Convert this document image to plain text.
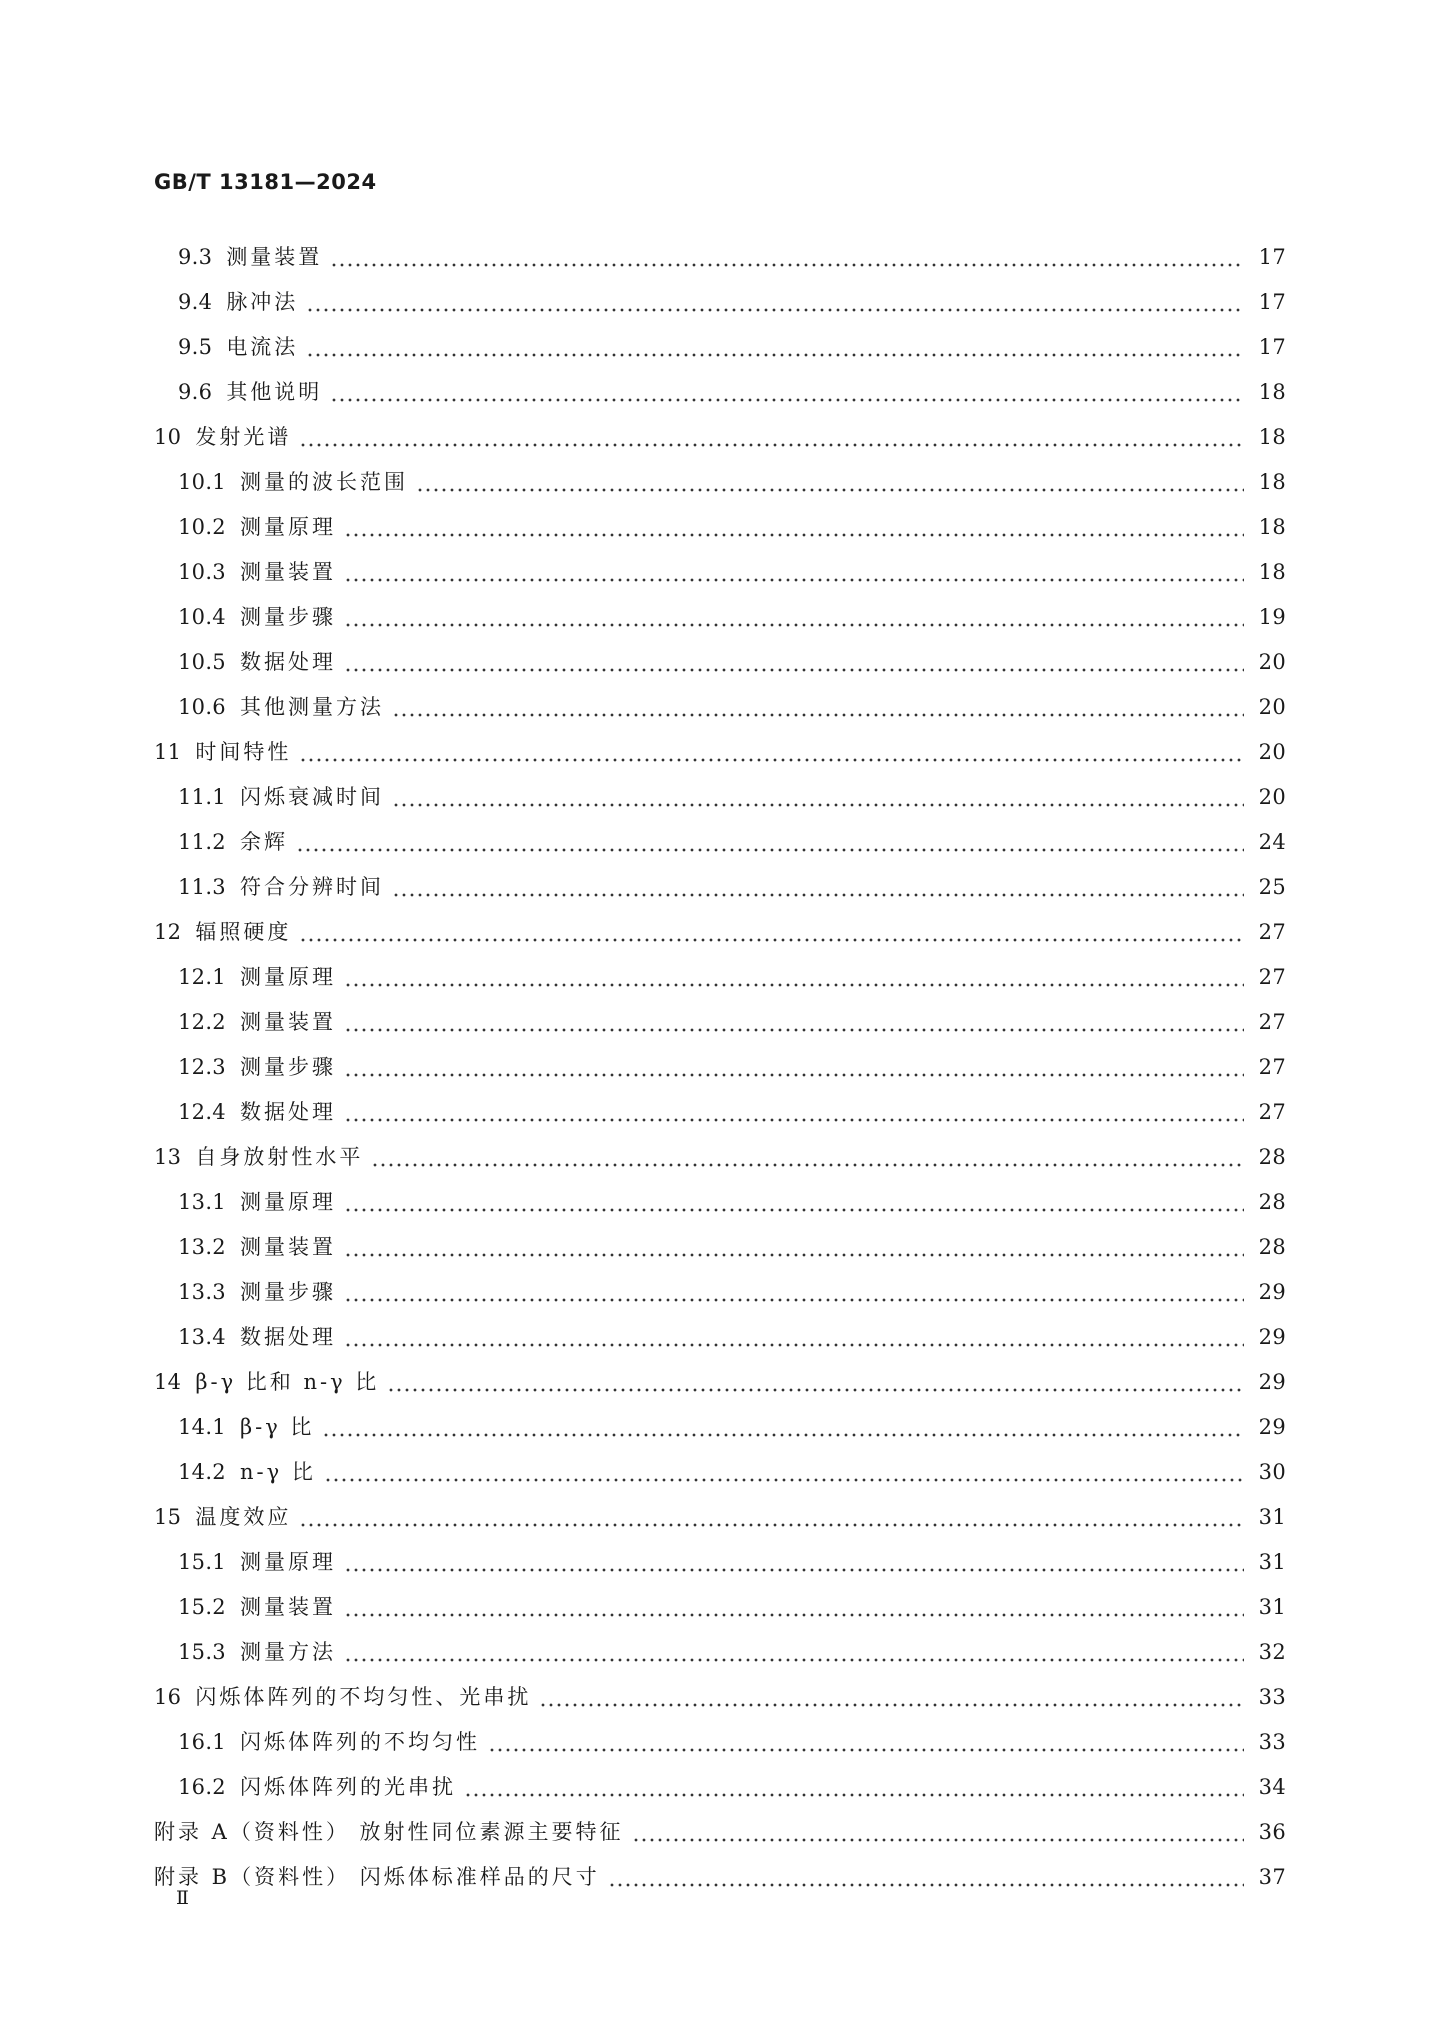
GB/T 13181—2024
9.3 测量装置	17
9.4 脉冲法	17
9.5 电流法	17
9.6 其他说明	18
10 发射光谱	18
10.1 测量的波长范围	18
10.2 测量原理	18
10.3 测量装置	18
10.4 测量步骤	19
10.5 数据处理	20
10.6 其他测量方法	20
11 时间特性	20
11.1 闪烁衰减时间	20
11.2 余辉	24
11.3 符合分辨时间	25
12 辐照硬度	27
12.1 测量原理	27
12.2 测量装置	27
12.3 测量步骤	27
12.4 数据处理	27
13 自身放射性水平	28
13.1 测量原理	28
13.2 测量装置	28
13.3 测量步骤	29
13.4 数据处理	29
14 β-γ 比和 n-γ 比	29
14.1 β-γ 比	29
14.2 n-γ 比	30
15 温度效应	31
15.1 测量原理	31
15.2 测量装置	31
15.3 测量方法	32
16 闪烁体阵列的不均匀性、光串扰	33
16.1 闪烁体阵列的不均匀性	33
16.2 闪烁体阵列的光串扰	34
附录 A（资料性） 放射性同位素源主要特征	36
附录 B（资料性） 闪烁体标准样品的尺寸	37
Ⅱ
